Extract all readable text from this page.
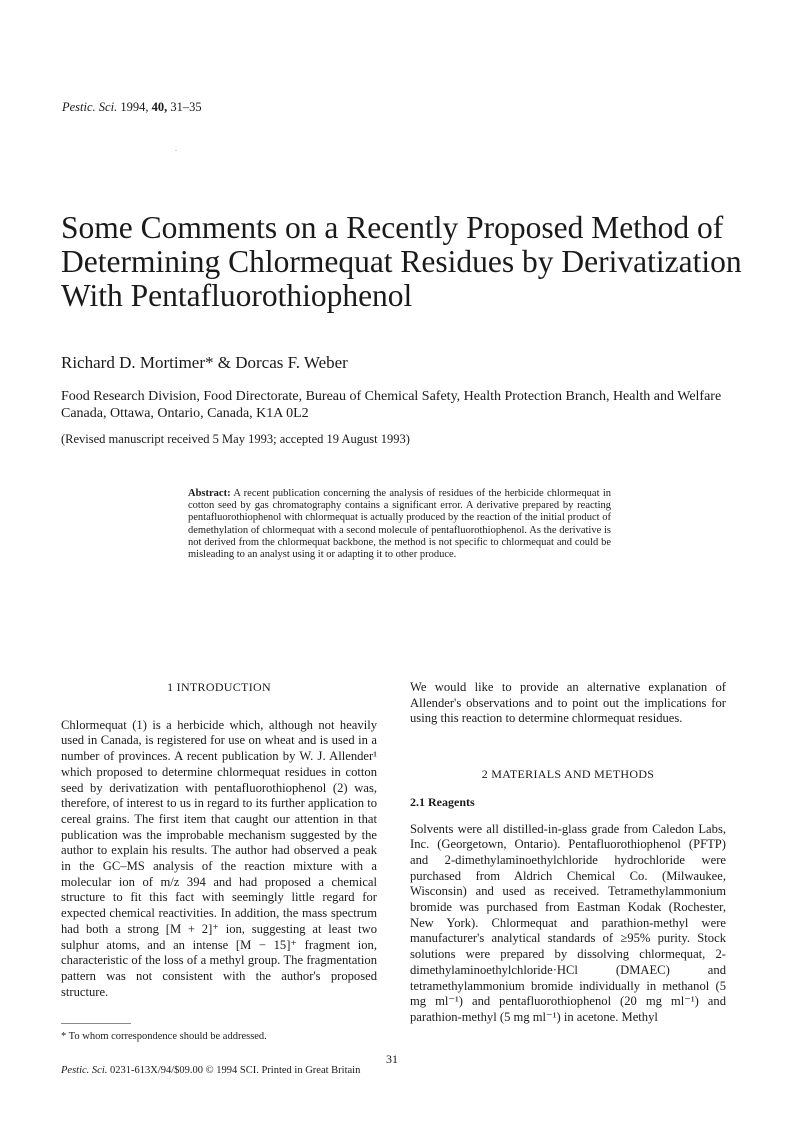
Pestic. Sci. 1994, 40, 31–35
Some Comments on a Recently Proposed Method of Determining Chlormequat Residues by Derivatization With Pentafluorothiophenol
Richard D. Mortimer* & Dorcas F. Weber
Food Research Division, Food Directorate, Bureau of Chemical Safety, Health Protection Branch, Health and Welfare Canada, Ottawa, Ontario, Canada, K1A 0L2
(Revised manuscript received 5 May 1993; accepted 19 August 1993)

Abstract: A recent publication concerning the analysis of residues of the herbicide chlormequat in cotton seed by gas chromatography contains a significant error. A derivative prepared by reacting pentafluorothiophenol with chlormequat is actually produced by the reaction of the initial product of demethylation of chlormequat with a second molecule of pentafluorothiophenol. As the derivative is not derived from the chlormequat backbone, the method is not specific to chlormequat and could be misleading to an analyst using it or adapting it to other produce.

1 INTRODUCTION

Chlormequat (1) is a herbicide which, although not heavily used in Canada, is registered for use on wheat and is used in a number of provinces. A recent publication by W. J. Allender¹ which proposed to determine chlormequat residues in cotton seed by derivatization with pentafluorothiophenol (2) was, therefore, of interest to us in regard to its further application to cereal grains. The first item that caught our attention in that publication was the improbable mechanism suggested by the author to explain his results. The author had observed a peak in the GC–MS analysis of the reaction mixture with a molecular ion of m/z 394 and had proposed a chemical structure to fit this fact with seemingly little regard for expected chemical reactivities. In addition, the mass spectrum had both a strong [M + 2]⁺ ion, suggesting at least two sulphur atoms, and an intense [M − 15]⁺ fragment ion, characteristic of the loss of a methyl group. The fragmentation pattern was not consistent with the author's proposed structure.

We would like to provide an alternative explanation of Allender's observations and to point out the implications for using this reaction to determine chlormequat residues.

2 MATERIALS AND METHODS

2.1 Reagents

Solvents were all distilled-in-glass grade from Caledon Labs, Inc. (Georgetown, Ontario). Pentafluorothiophenol (PFTP) and 2-dimethylaminoethylchloride hydrochloride were purchased from Aldrich Chemical Co. (Milwaukee, Wisconsin) and used as received. Tetramethylammonium bromide was purchased from Eastman Kodak (Rochester, New York). Chlormequat and parathion-methyl were manufacturer's analytical standards of ≥95% purity. Stock solutions were prepared by dissolving chlormequat, 2-dimethylaminoethylchloride·HCl (DMAEC) and tetramethylammonium bromide individually in methanol (5 mg ml⁻¹) and pentafluorothiophenol (20 mg ml⁻¹) and parathion-methyl (5 mg ml⁻¹) in acetone. Methyl

* To whom correspondence should be addressed.
31
Pestic. Sci. 0231-613X/94/$09.00 © 1994 SCI. Printed in Great Britain
